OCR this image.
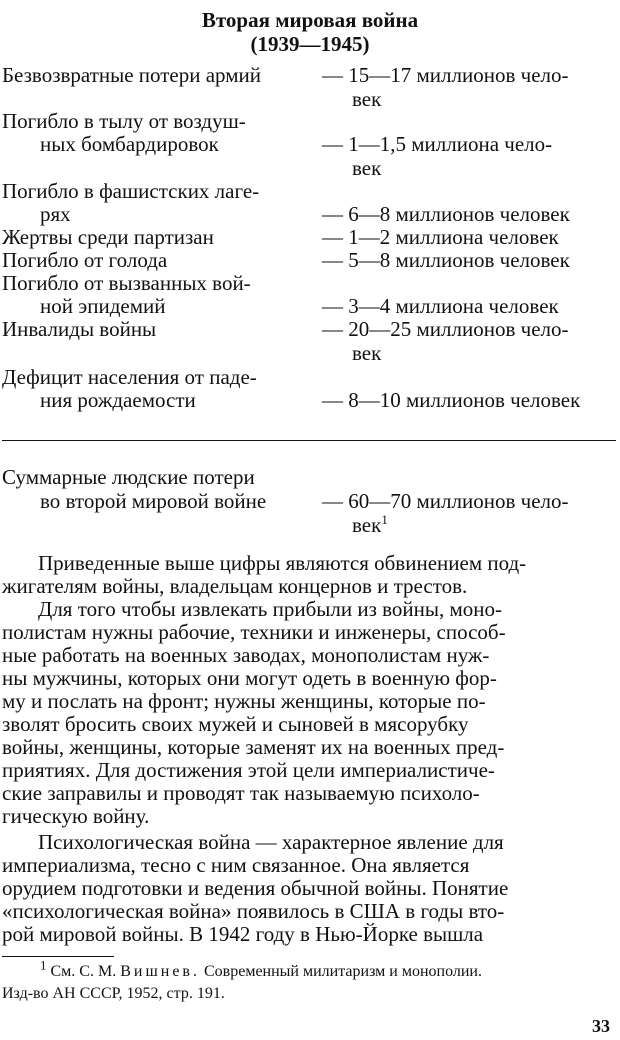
Вторая мировая война
(1939—1945)
Безвозвратные потери армий	— 15—17 миллионов чело-
век
Погибло в тылу от воздуш-
ных бомбардировок	— 1—1,5 миллиона чело-
век
Погибло в фашистских лаге-
рях	— 6—8 миллионов человек
Жертвы среди партизан	— 1—2 миллиона человек
Погибло от голода	— 5—8 миллионов человек
Погибло от вызванных вой-
ной эпидемий	— 3—4 миллиона человек
Инвалиды войны	— 20—25 миллионов чело-
век
Дефицит населения от паде-
ния рождаемости	— 8—10 миллионов человек
Суммарные людские потери
во второй мировой войне	— 60—70 миллионов чело-
век$^1$
Приведенные выше цифры являются обвинением под-
жигателям войны, владельцам концернов и трестов.
Для того чтобы извлекать прибыли из войны, моно-
полистам нужны рабочие, техники и инженеры, способ-
ные работать на военных заводах, монополистам нуж-
ны мужчины, которых они могут одеть в военную фор-
му и послать на фронт; нужны женщины, которые по-
зволят бросить своих мужей и сыновей в мясорубку
войны, женщины, которые заменят их на военных пред-
приятиях. Для достижения этой цели империалистиче-
ские заправилы и проводят так называемую психоло-
гическую войну.
Психологическая война — характерное явление для
империализма, тесно с ним связанное. Она является
орудием подготовки и ведения обычной войны. Понятие
«психологическая война» появилось в США в годы вто-
рой мировой войны. В 1942 году в Нью-Йорке вышла
$^1$ См. С. М. Вишнев. Современный милитаризм и монополии.
Изд-во АН СССР, 1952, стр. 191.
33
